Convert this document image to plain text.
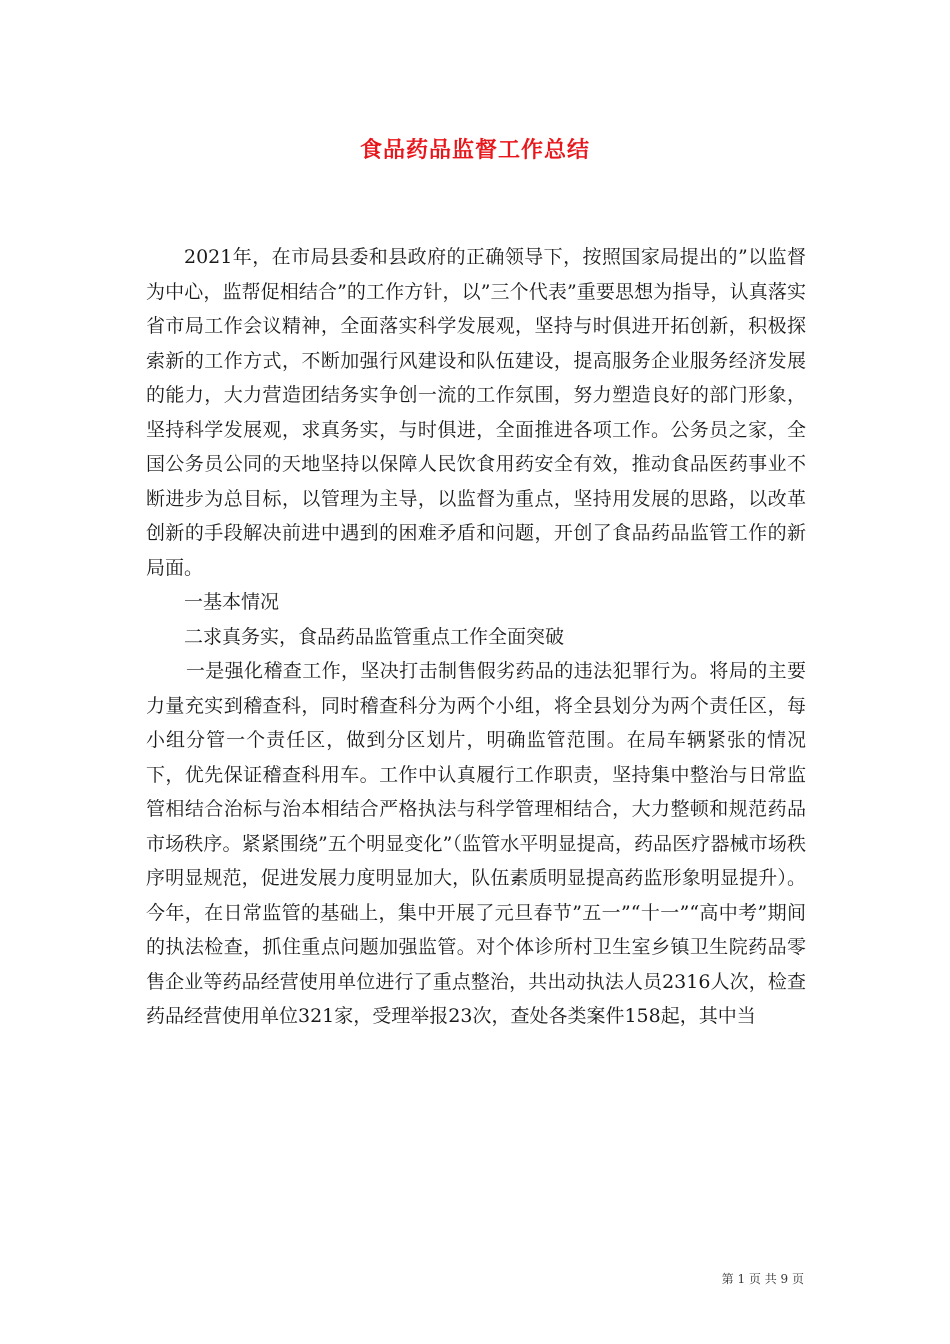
食品药品监督工作总结

2021年，在市局县委和县政府的正确领导下，按照国家局提出的”以监督为中心，监帮促相结合”的工作方针，以”三个代表”重要思想为指导，认真落实省市局工作会议精神，全面落实科学发展观，坚持与时俱进开拓创新，积极探索新的工作方式，不断加强行风建设和队伍建设，提高服务企业服务经济发展的能力，大力营造团结务实争创一流的工作氛围，努力塑造良好的部门形象，坚持科学发展观，求真务实，与时俱进，全面推进各项工作。公务员之家，全国公务员公同的天地坚持以保障人民饮食用药安全有效，推动食品医药事业不断进步为总目标，以管理为主导，以监督为重点，坚持用发展的思路，以改革创新的手段解决前进中遇到的困难矛盾和问题，开创了食品药品监管工作的新局面。

一基本情况

二求真务实，食品药品监管重点工作全面突破

一是强化稽查工作，坚决打击制售假劣药品的违法犯罪行为。将局的主要力量充实到稽查科，同时稽查科分为两个小组，将全县划分为两个责任区，每小组分管一个责任区，做到分区划片，明确监管范围。在局车辆紧张的情况下，优先保证稽查科用车。工作中认真履行工作职责，坚持集中整治与日常监管相结合治标与治本相结合严格执法与科学管理相结合，大力整顿和规范药品市场秩序。紧紧围绕”五个明显变化”（监管水平明显提高，药品医疗器械市场秩序明显规范，促进发展力度明显加大，队伍素质明显提高药监形象明显提升）。今年，在日常监管的基础上，集中开展了元旦春节”五一”“十一”“高中考”期间的执法检查，抓住重点问题加强监管。对个体诊所村卫生室乡镇卫生院药品零售企业等药品经营使用单位进行了重点整治，共出动执法人员2316人次，检查药品经营使用单位321家，受理举报23次，查处各类案件158起，其中当

第 1 页 共 9 页
